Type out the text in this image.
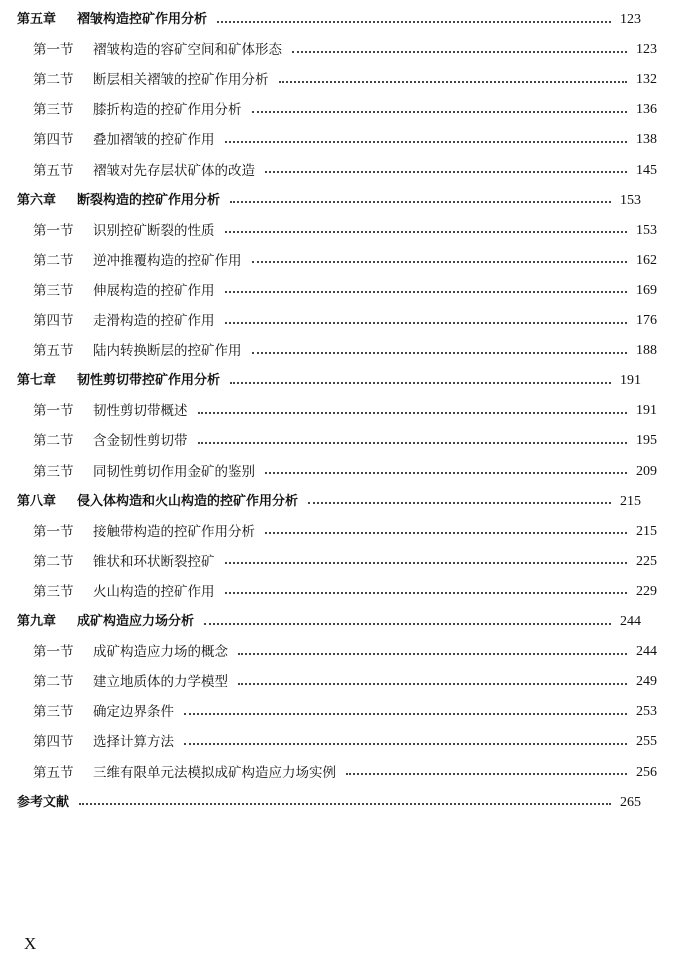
第五章	褶皱构造控矿作用分析	123
第一节	褶皱构造的容矿空间和矿体形态	123
第二节	断层相关褶皱的控矿作用分析	132
第三节	膝折构造的控矿作用分析	136
第四节	叠加褶皱的控矿作用	138
第五节	褶皱对先存层状矿体的改造	145
第六章	断裂构造的控矿作用分析	153
第一节	识别控矿断裂的性质	153
第二节	逆冲推覆构造的控矿作用	162
第三节	伸展构造的控矿作用	169
第四节	走滑构造的控矿作用	176
第五节	陆内转换断层的控矿作用	188
第七章	韧性剪切带控矿作用分析	191
第一节	韧性剪切带概述	191
第二节	含金韧性剪切带	195
第三节	同韧性剪切作用金矿的鉴别	209
第八章	侵入体构造和火山构造的控矿作用分析	215
第一节	接触带构造的控矿作用分析	215
第二节	锥状和环状断裂控矿	225
第三节	火山构造的控矿作用	229
第九章	成矿构造应力场分析	244
第一节	成矿构造应力场的概念	244
第二节	建立地质体的力学模型	249
第三节	确定边界条件	253
第四节	选择计算方法	255
第五节	三维有限单元法模拟成矿构造应力场实例	256
参考文献	265
X
